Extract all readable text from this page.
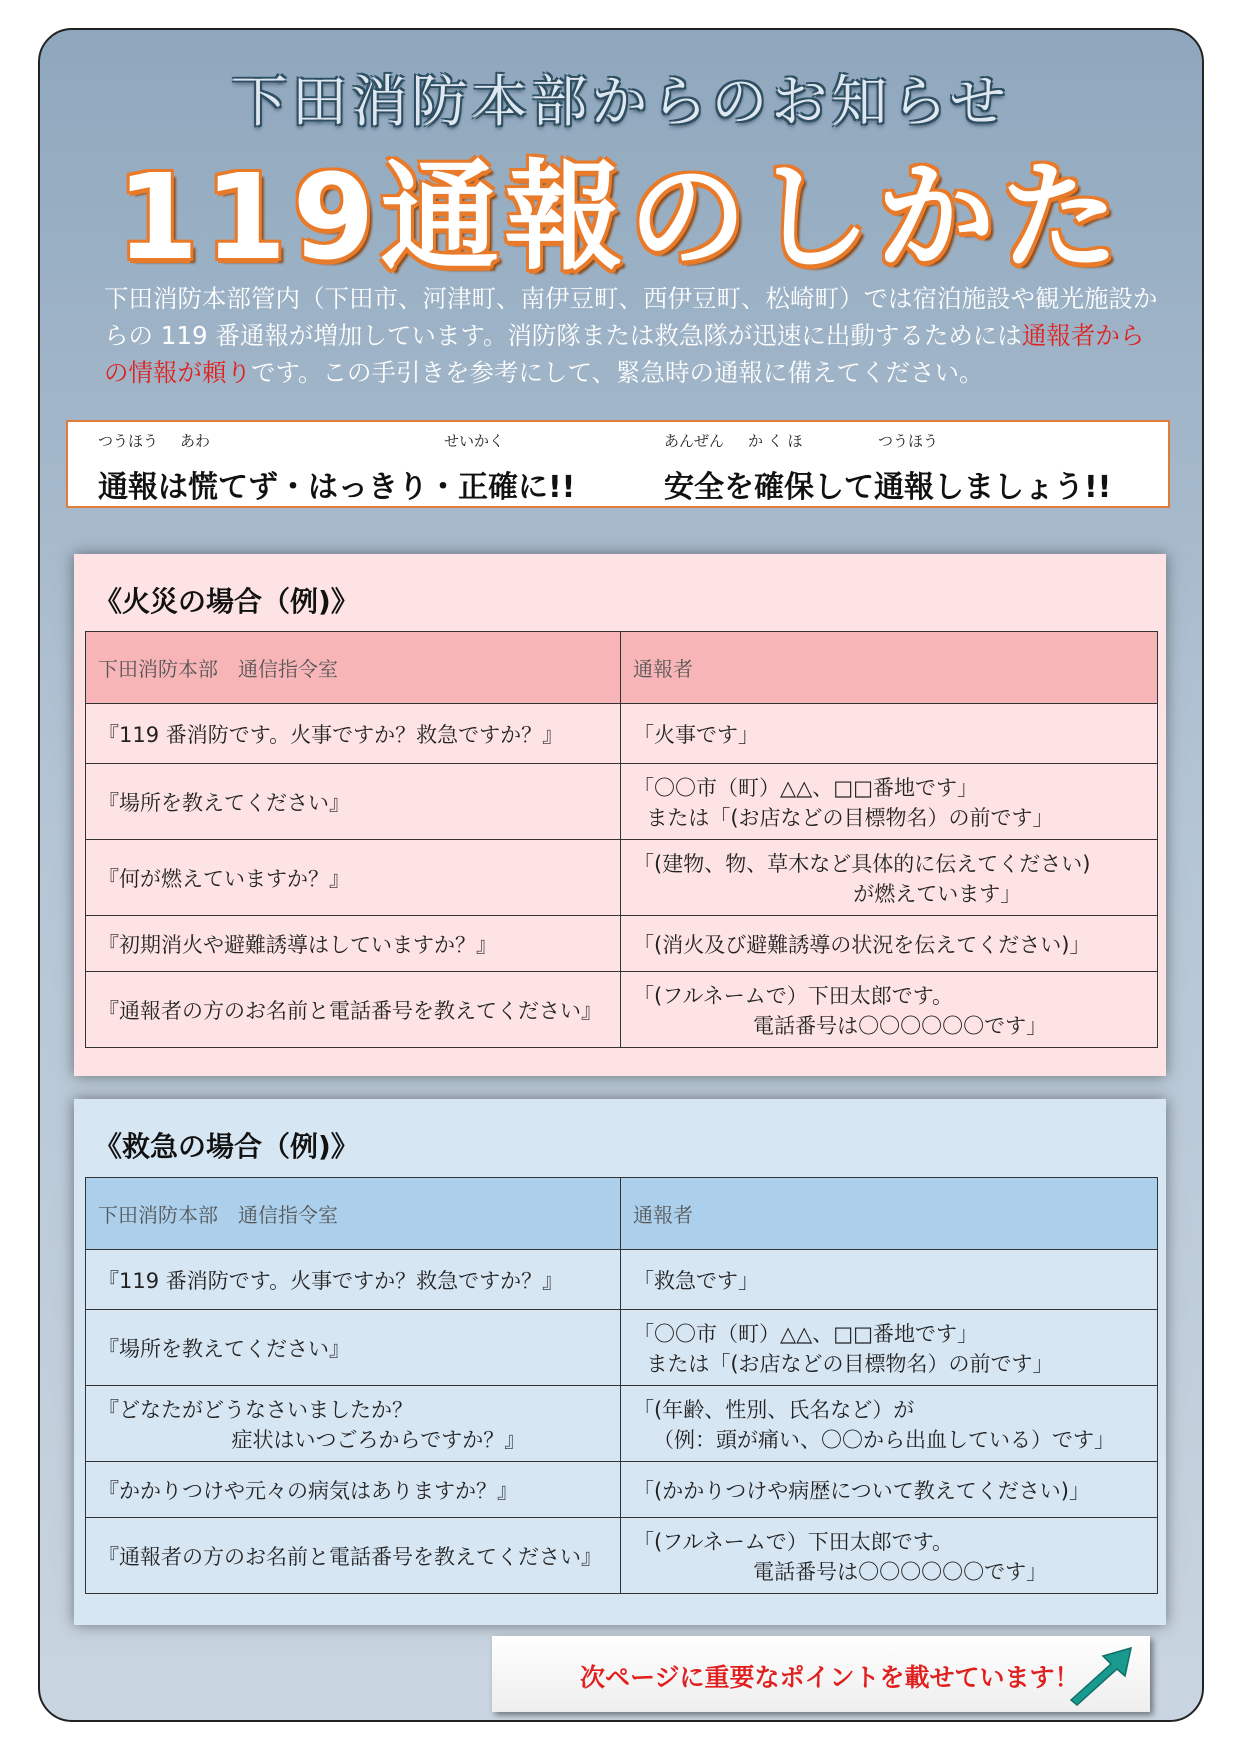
下田消防本部からのお知らせ
119通報のしかた
下田消防本部管内（下田市、河津町、南伊豆町、西伊豆町、松崎町）では宿泊施設や観光施設からの 119 番通報が増加しています。消防隊または救急隊が迅速に出動するためには通報者からの情報が頼りです。この手引きを参考にして、緊急時の通報に備えてください。
つうほう あわ	せいかく	あんぜん か く ほ	つうほう
通報は慌てず・はっきり・正確に!!	安全を確保して通報しましょう!!
《火災の場合（例)》
下田消防本部　通信指令室	通報者

『119 番消防です。火事ですか？救急ですか？』	「火事です」

『場所を教えてください』	「〇〇市（町）△△、□□番地です」
または「(お店などの目標物名）の前です」

『何が燃えていますか？』	「(建物、物、草木など具体的に伝えてください)
が燃えています」

『初期消火や避難誘導はしていますか？』	「(消火及び避難誘導の状況を伝えてください)」

『通報者の方のお名前と電話番号を教えてください』	「(フルネームで）下田太郎です。
電話番号は〇〇〇〇〇〇です」
《救急の場合（例)》
下田消防本部　通信指令室	通報者

『119 番消防です。火事ですか？救急ですか？』	「救急です」

『場所を教えてください』	「〇〇市（町）△△、□□番地です」
または「(お店などの目標物名）の前です」

『どなたがどうなさいましたか？
症状はいつごろからですか？』	「(年齢、性別、氏名など）が
（例：頭が痛い、〇〇から出血している）です」

『かかりつけや元々の病気はありますか？』	「(かかりつけや病歴について教えてください)」

『通報者の方のお名前と電話番号を教えてください』	「(フルネームで）下田太郎です。
電話番号は〇〇〇〇〇〇です」
次ページに重要なポイントを載せています！
